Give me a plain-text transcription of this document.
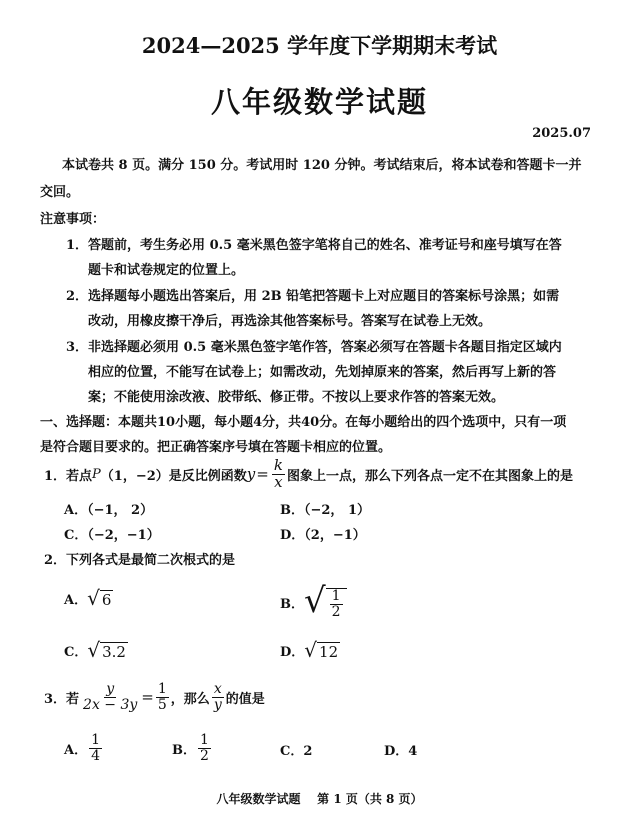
2024—2025 学年度下学期期末考试
八年级数学试题
2025.07
本试卷共 8 页。满分 150 分。考试用时 120 分钟。考试结束后，将本试卷和答题卡一并
交回。
注意事项：
1．答题前，考生务必用 0.5 毫米黑色签字笔将自己的姓名、准考证号和座号填写在答
题卡和试卷规定的位置上。
2．选择题每小题选出答案后，用 2B 铅笔把答题卡上对应题目的答案标号涂黑；如需
改动，用橡皮擦干净后，再选涂其他答案标号。答案写在试卷上无效。
3．非选择题必须用 0.5 毫米黑色签字笔作答，答案必须写在答题卡各题目指定区域内
相应的位置，不能写在试卷上；如需改动，先划掉原来的答案，然后再写上新的答
案；不能使用涂改液、胶带纸、修正带。不按以上要求作答的答案无效。
一、选择题：本题共10小题，每小题4分，共40分。在每小题给出的四个选项中，只有一项
是符合题目要求的。把正确答案序号填在答题卡相应的位置。
1．若点 P （1，−2）是反比例函数 $y = \frac{k}{x}$ 图象上一点，那么下列各点一定不在其图象上的是
A．（−1， 2）	B．（−2， 1）
C．（−2，−1）	D．（2，−1）
2．下列各式是最简二次根式的是
A． √ 6	B． √ $\frac{1}{2}$
C． √ 3.2	D． √ 12
3．若 $\frac{y}{2x - 3y} = \frac{1}{5}$ ，那么 $\frac{x}{y}$ 的值是
A． $\frac{1}{4}$	B． $\frac{1}{2}$	C．2	D．4
八年级数学试题    第 1 页（共 8 页）
